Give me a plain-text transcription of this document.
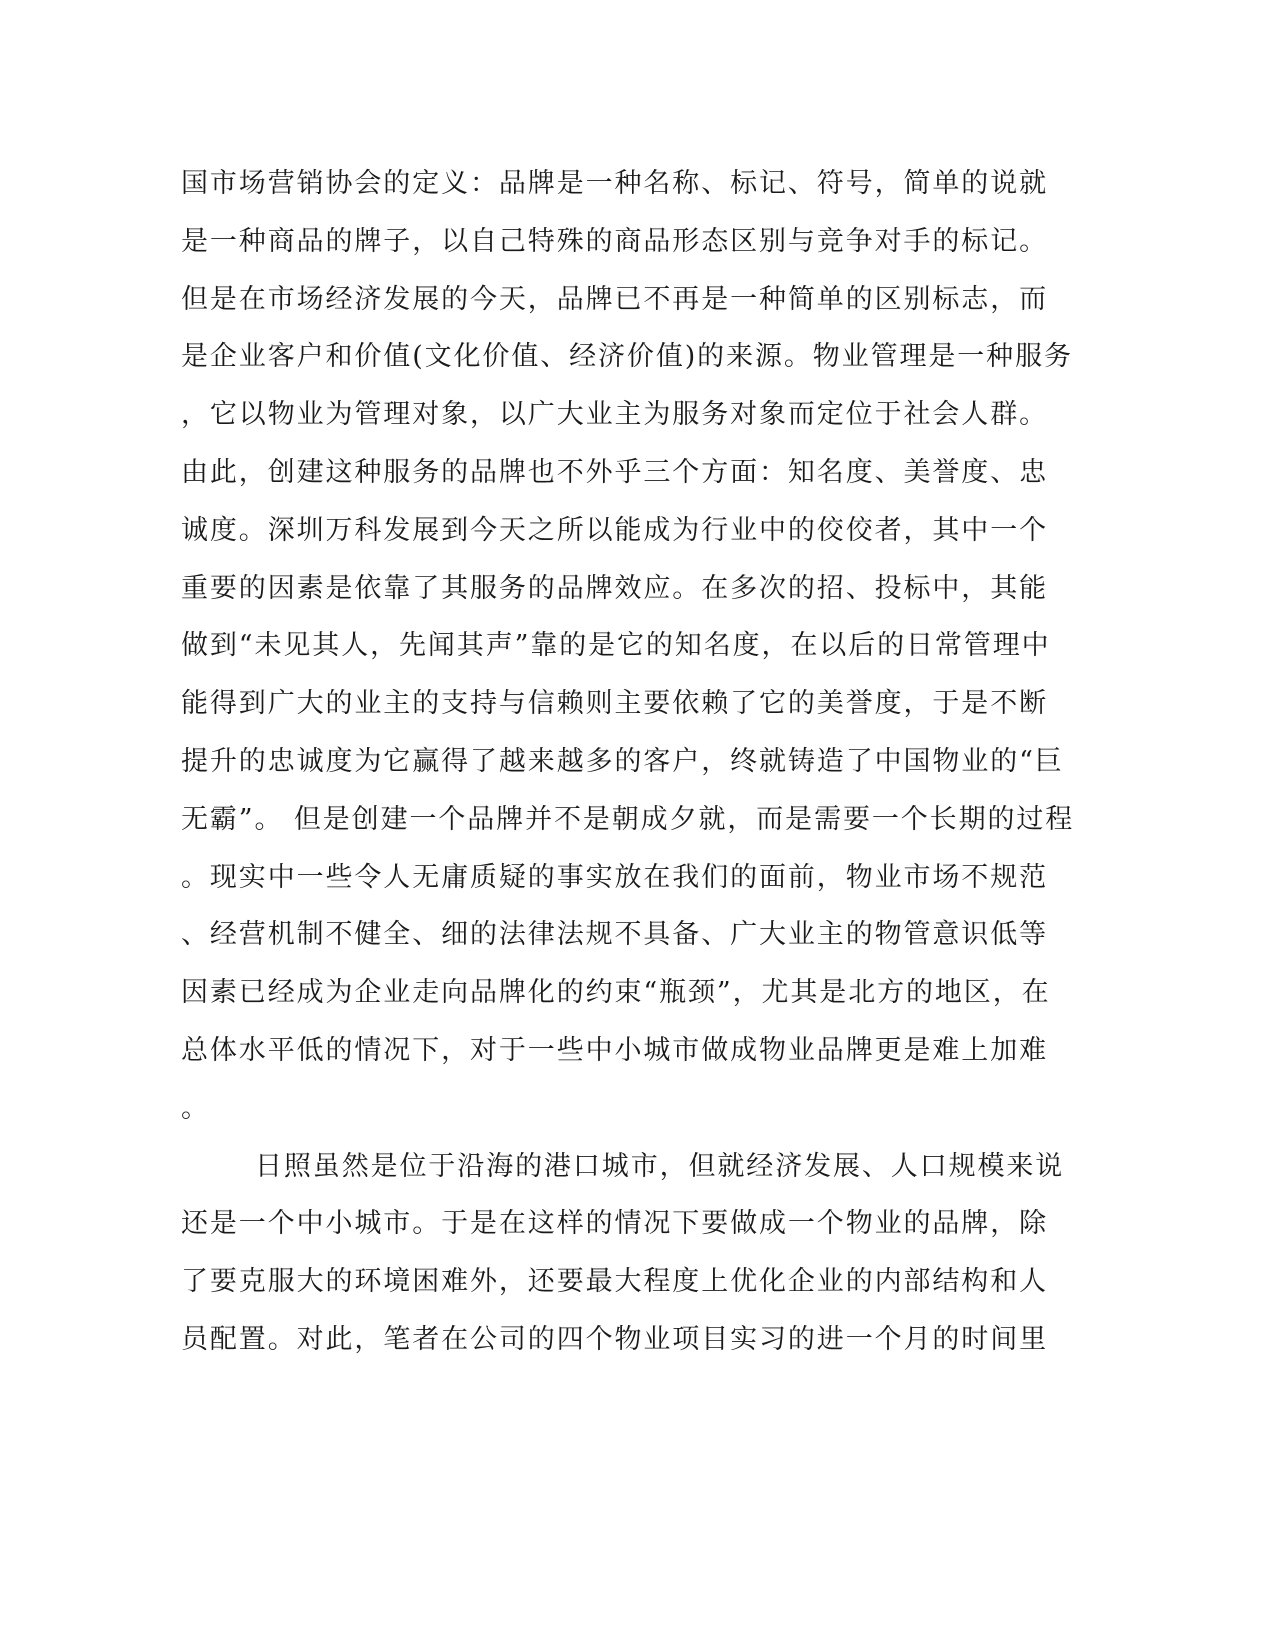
国市场营销协会的定义：品牌是一种名称、标记、符号，简单的说就
是一种商品的牌子，以自己特殊的商品形态区别与竞争对手的标记。
但是在市场经济发展的今天，品牌已不再是一种简单的区别标志，而
是企业客户和价值(文化价值、经济价值)的来源。物业管理是一种服务
，它以物业为管理对象，以广大业主为服务对象而定位于社会人群。
由此，创建这种服务的品牌也不外乎三个方面：知名度、美誉度、忠
诚度。深圳万科发展到今天之所以能成为行业中的佼佼者，其中一个
重要的因素是依靠了其服务的品牌效应。在多次的招、投标中，其能
做到“未见其人，先闻其声”靠的是它的知名度，在以后的日常管理中
能得到广大的业主的支持与信赖则主要依赖了它的美誉度，于是不断
提升的忠诚度为它赢得了越来越多的客户，终就铸造了中国物业的“巨
无霸”。 但是创建一个品牌并不是朝成夕就，而是需要一个长期的过程
。现实中一些令人无庸质疑的事实放在我们的面前，物业市场不规范
、经营机制不健全、细的法律法规不具备、广大业主的物管意识低等
因素已经成为企业走向品牌化的约束“瓶颈”，尤其是北方的地区，在
总体水平低的情况下，对于一些中小城市做成物业品牌更是难上加难
。
日照虽然是位于沿海的港口城市，但就经济发展、人口规模来说
还是一个中小城市。于是在这样的情况下要做成一个物业的品牌，除
了要克服大的环境困难外，还要最大程度上优化企业的内部结构和人
员配置。对此，笔者在公司的四个物业项目实习的进一个月的时间里
